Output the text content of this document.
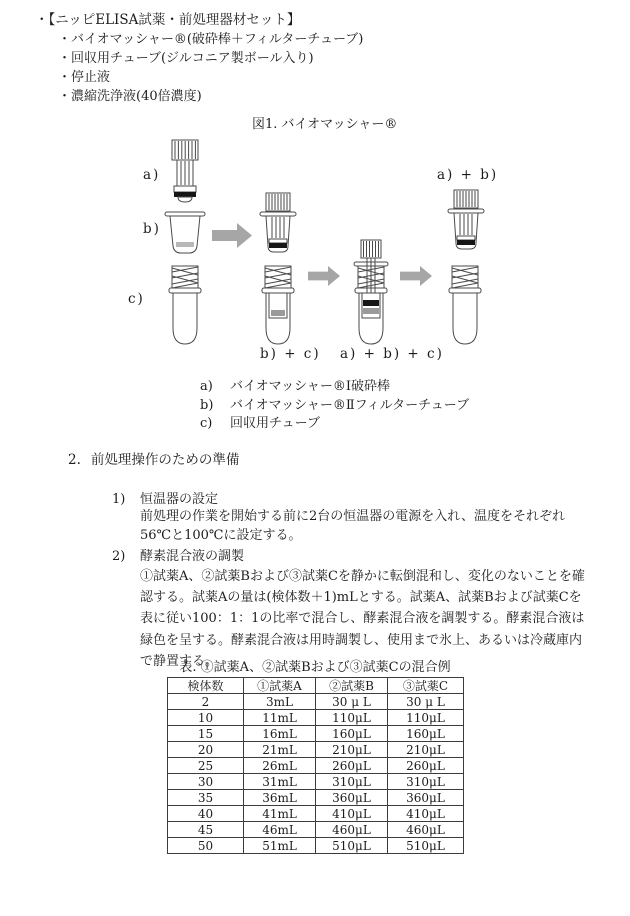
・【ニッピELISA試薬・前処理器材セット】
・バイオマッシャー®(破砕棒＋フィルターチューブ)
・回収用チューブ(ジルコニア製ボール入り)
・停止液
・濃縮洗浄液(40倍濃度)
図1. バイオマッシャー®
a)
b)
c)
a) + b)
b) + c) a) + b) + c)
a)	バイオマッシャー®Ⅰ破砕棒
b)	バイオマッシャー®Ⅱフィルターチューブ
c)	回収用チューブ
2. 前処理操作のための準備
1)	恒温器の設定
前処理の作業を開始する前に2台の恒温器の電源を入れ、温度をそれぞれ56℃と100℃に設定する。
2)	酵素混合液の調製
①試薬A、②試薬Bおよび③試薬Cを静かに転倒混和し、変化のないことを確認する。試薬Aの量は(検体数＋1)mLとする。試薬A、試薬Bおよび試薬Cを表に従い100：1：1の比率で混合し、酵素混合液を調製する。酵素混合液は緑色を呈する。酵素混合液は用時調製し、使用まで氷上、あるいは冷蔵庫内で静置する。
表. ①試薬A、②試薬Bおよび③試薬Cの混合例
検体数	①試薬A	②試薬B	③試薬C
2	3mL	30 μ L	30 μ L
10	11mL	110μL	110μL
15	16mL	160μL	160μL
20	21mL	210μL	210μL
25	26mL	260μL	260μL
30	31mL	310μL	310μL
35	36mL	360μL	360μL
40	41mL	410μL	410μL
45	46mL	460μL	460μL
50	51mL	510μL	510μL
